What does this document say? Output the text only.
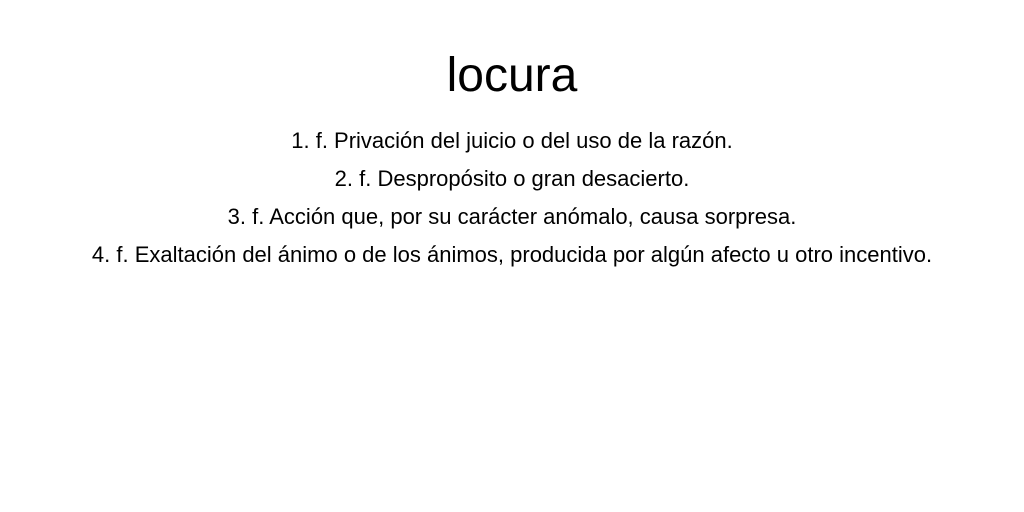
locura
1. f. Privación del juicio o del uso de la razón.
2. f. Despropósito o gran desacierto.
3. f. Acción que, por su carácter anómalo, causa sorpresa.
4. f. Exaltación del ánimo o de los ánimos, producida por algún afecto u otro incentivo.
